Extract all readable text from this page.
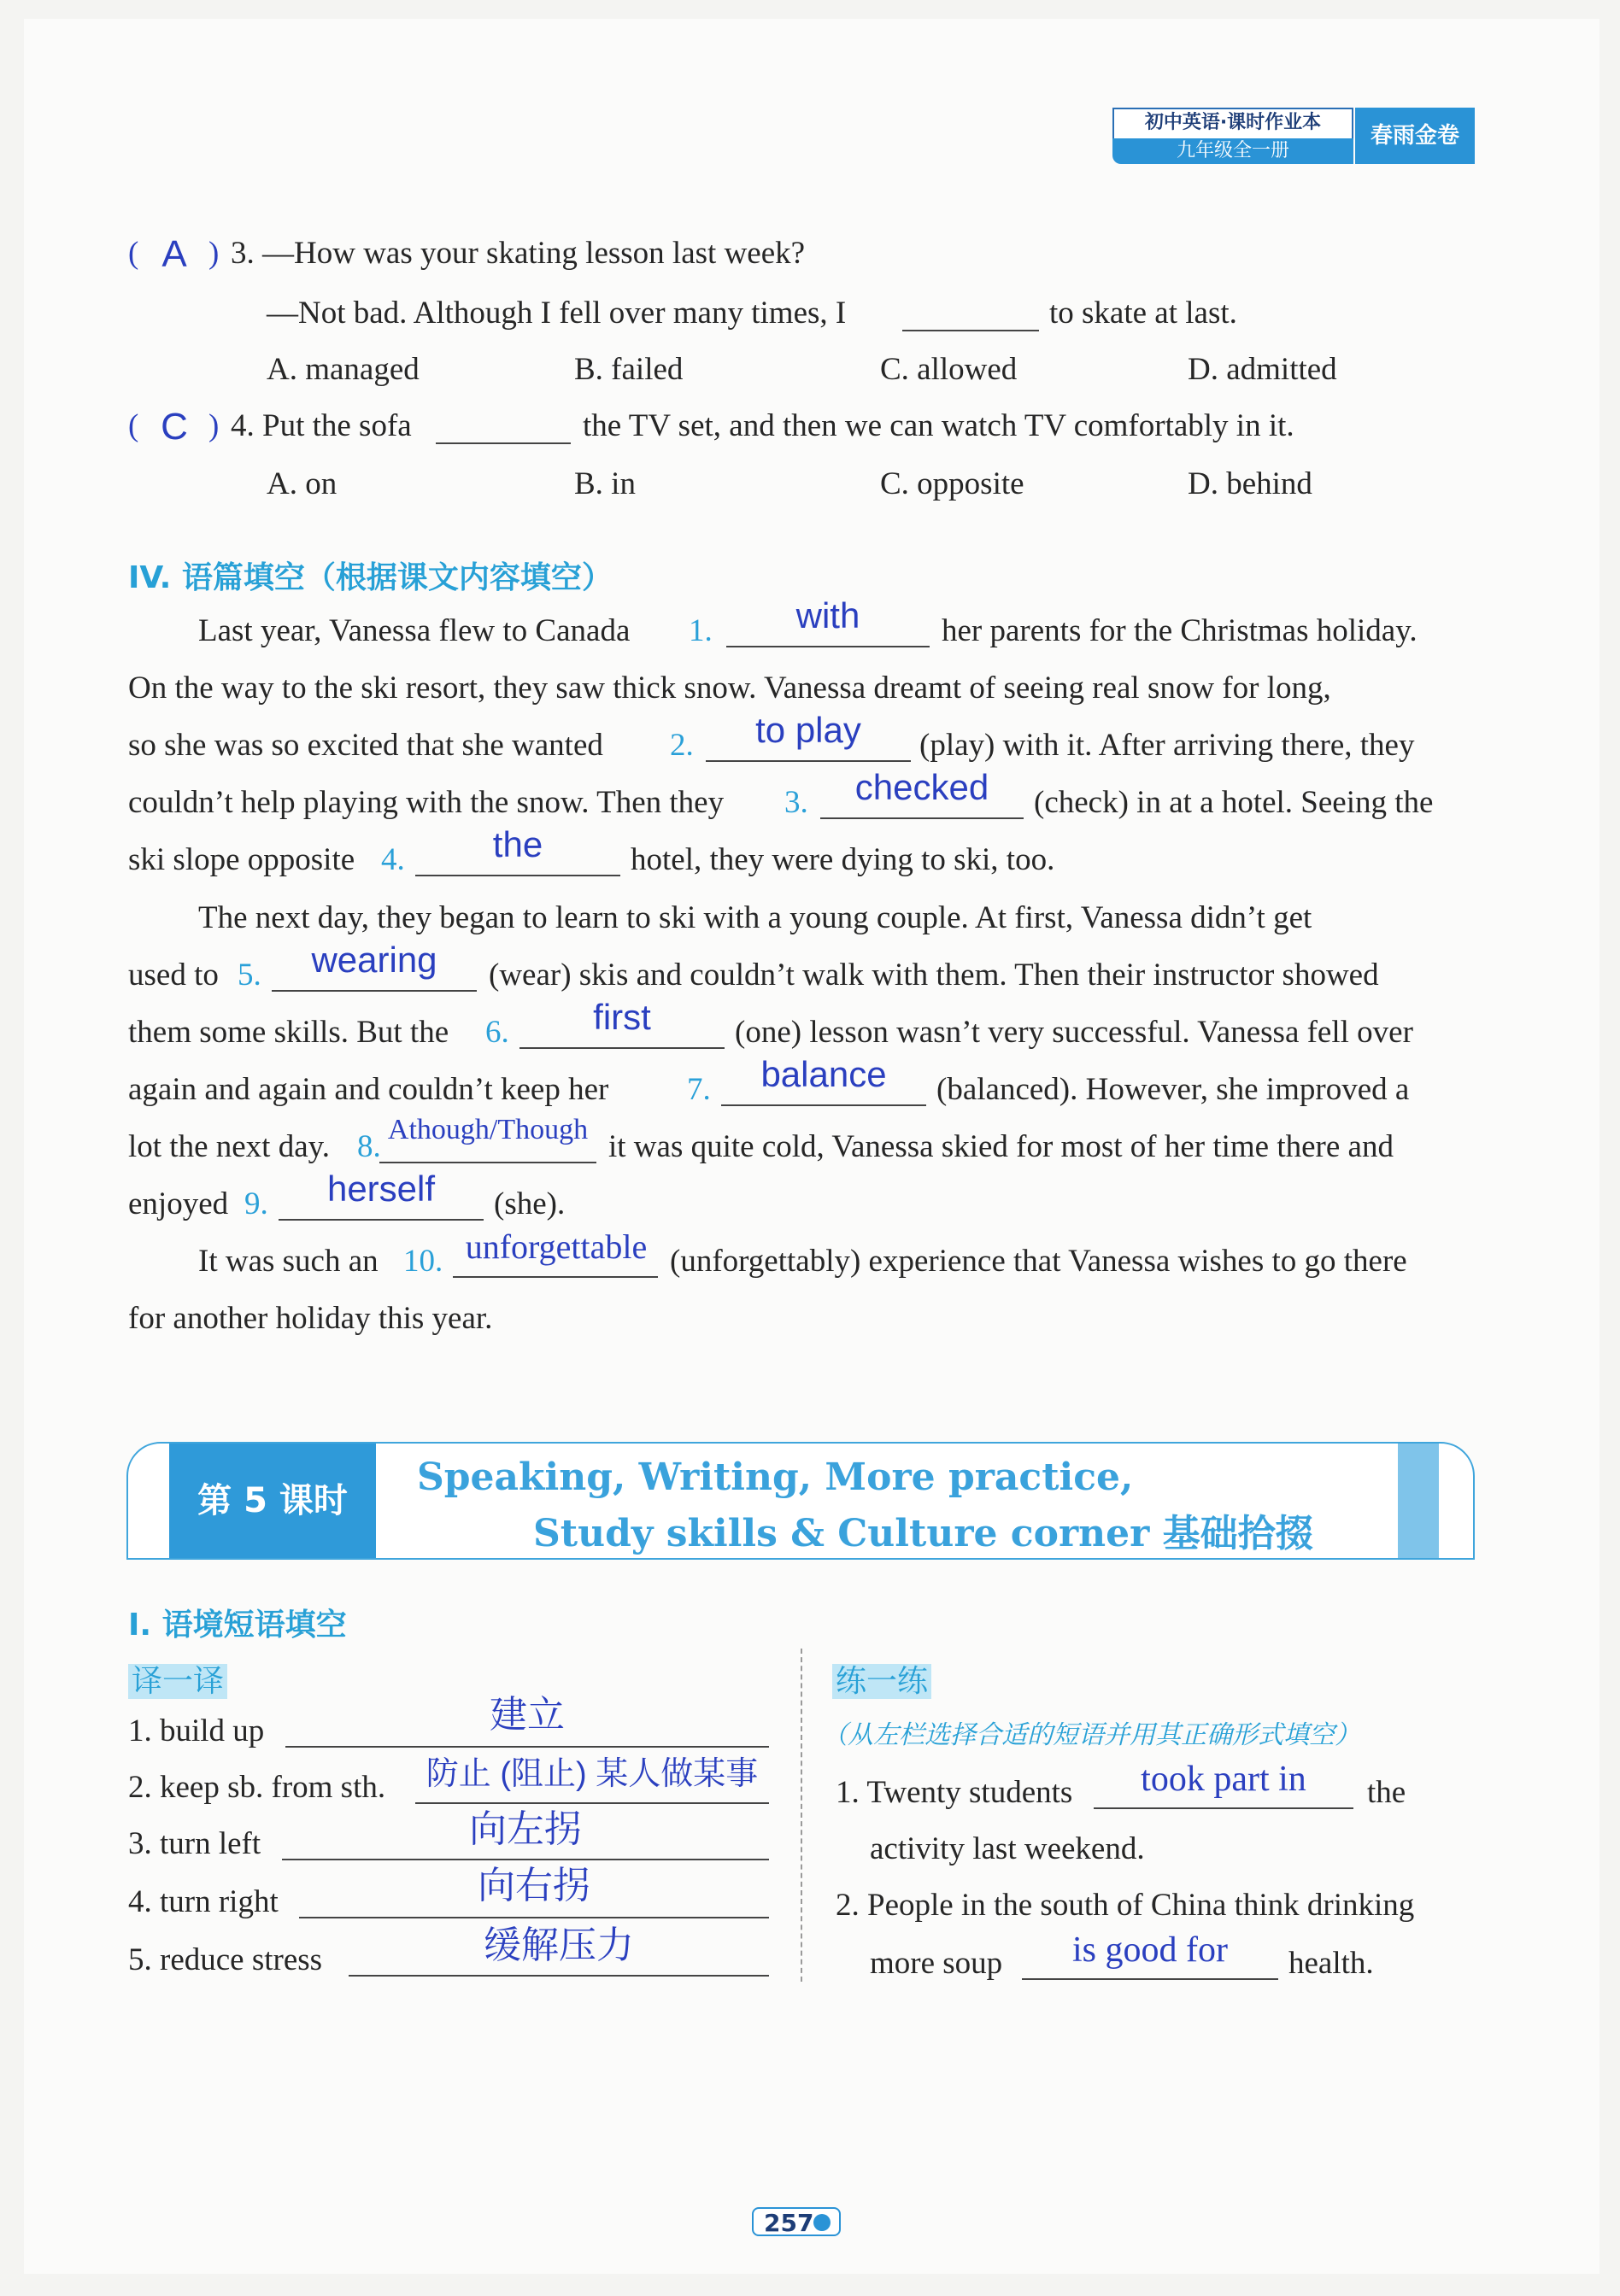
初中英语·课时作业本
九年级全一册
春雨金卷
( A ) 3. —How was your skating lesson last week?
—Not bad. Although I fell over many times, I	to skate at last.
A. managed	B. failed	C. allowed	D. admitted
( C ) 4. Put the sofa	the TV set, and then we can watch TV comfortably in it.
A. on	B. in	C. opposite	D. behind
IV. 语篇填空（根据课文内容填空）
Last year, Vanessa flew to Canada 1.	with	her parents for the Christmas holiday.
On the way to the ski resort, they saw thick snow. Vanessa dreamt of seeing real snow for long,
so she was so excited that she wanted 2.	to play	(play) with it. After arriving there, they
couldn’t help playing with the snow. Then they 3.	checked	(check) in at a hotel. Seeing the
ski slope opposite 4.	the	hotel, they were dying to ski, too.
The next day, they began to learn to ski with a young couple. At first, Vanessa didn’t get
used to 5.	wearing	(wear) skis and couldn’t walk with them. Then their instructor showed
them some skills. But the 6.	first	(one) lesson wasn’t very successful. Vanessa fell over
again and again and couldn’t keep her 7.	balance	(balanced). However, she improved a
lot the next day. 8. Athough/Though it was quite cold, Vanessa skied for most of her time there and
enjoyed 9.	herself	(she).
It was such an 10. unforgettable (unforgettably) experience that Vanessa wishes to go there
for another holiday this year.
第 5 课时
Speaking, Writing, More practice,
Study skills & Culture corner 基础拾掇
I. 语境短语填空
译一译	练一练
（从左栏选择合适的短语并用其正确形式填空）
1. build up	建立
2. keep sb. from sth.	防止 (阻止) 某人做某事
3. turn left	向左拐
4. turn right	向右拐
5. reduce stress	缓解压力
1. Twenty students	took part in	the
activity last weekend.
2. People in the south of China think drinking
more soup	is good for	health.
257
